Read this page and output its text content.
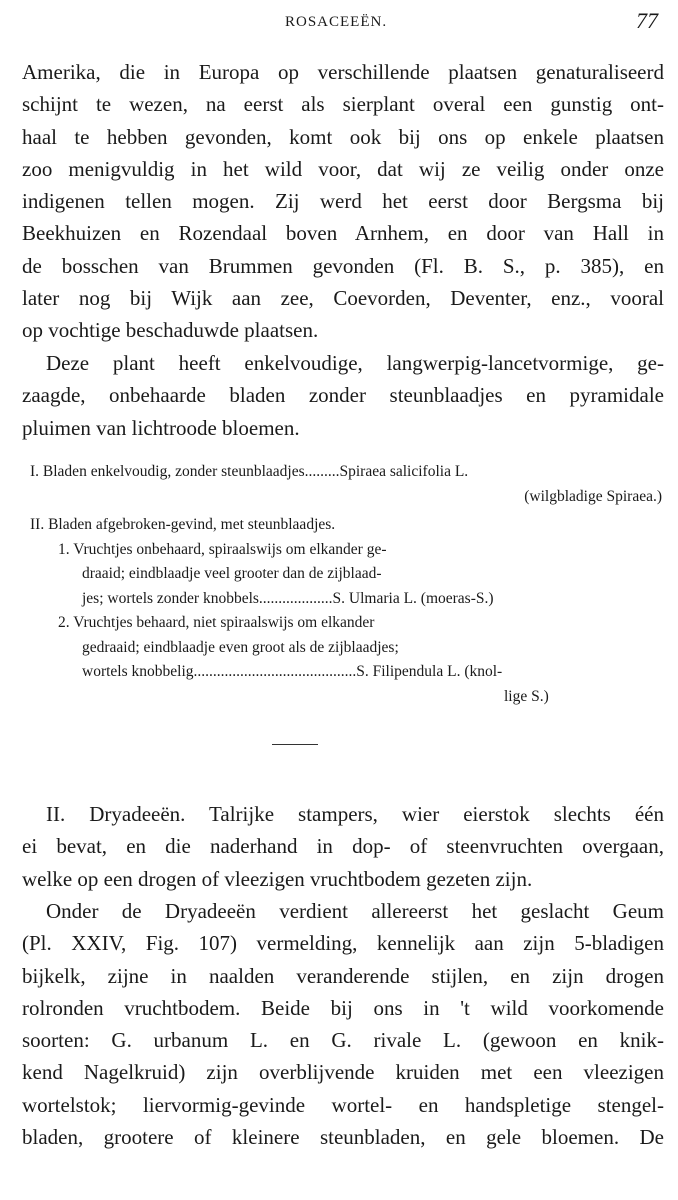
ROSACEEËN.	77
Amerika, die in Europa op verschillende plaatsen genaturaliseerd
schijnt te wezen, na eerst als sierplant overal een gunstig ont-
haal te hebben gevonden, komt ook bij ons op enkele plaatsen
zoo menigvuldig in het wild voor, dat wij ze veilig onder onze
indigenen tellen mogen. Zij werd het eerst door Bergsma bij
Beekhuizen en Rozendaal boven Arnhem, en door van Hall in
de bosschen van Brummen gevonden (Fl. B. S., p. 385), en
later nog bij Wijk aan zee, Coevorden, Deventer, enz., vooral
op vochtige beschaduwde plaatsen.
Deze plant heeft enkelvoudige, langwerpig-lancetvormige, ge-
zaagde, onbehaarde bladen zonder steunblaadjes en pyramidale
pluimen van lichtroode bloemen.
I. Bladen enkelvoudig, zonder steunblaadjes.........Spiraea salicifolia L.
(wilgbladige Spiraea.)
II. Bladen afgebroken-gevind, met steunblaadjes.
1. Vruchtjes onbehaard, spiraalswijs om elkander ge-
draaid; eindblaadje veel grooter dan de zijblaad-
jes; wortels zonder knobbels...................S. Ulmaria L. (moeras-S.)
2. Vruchtjes behaard, niet spiraalswijs om elkander
gedraaid; eindblaadje even groot als de zijblaadjes;
wortels knobbelig..........................................S. Filipendula L. (knol-
lige S.)
II. Dryadeeën. Talrijke stampers, wier eierstok slechts één
ei bevat, en die naderhand in dop- of steenvruchten overgaan,
welke op een drogen of vleezigen vruchtbodem gezeten zijn.
Onder de Dryadeeën verdient allereerst het geslacht Geum
(Pl. XXIV, Fig. 107) vermelding, kennelijk aan zijn 5-bladigen
bijkelk, zijne in naalden veranderende stijlen, en zijn drogen
rolronden vruchtbodem. Beide bij ons in 't wild voorkomende
soorten: G. urbanum L. en G. rivale L. (gewoon en knik-
kend Nagelkruid) zijn overblijvende kruiden met een vleezigen
wortelstok; liervormig-gevinde wortel- en handspletige stengel-
bladen, grootere of kleinere steunbladen, en gele bloemen. De
